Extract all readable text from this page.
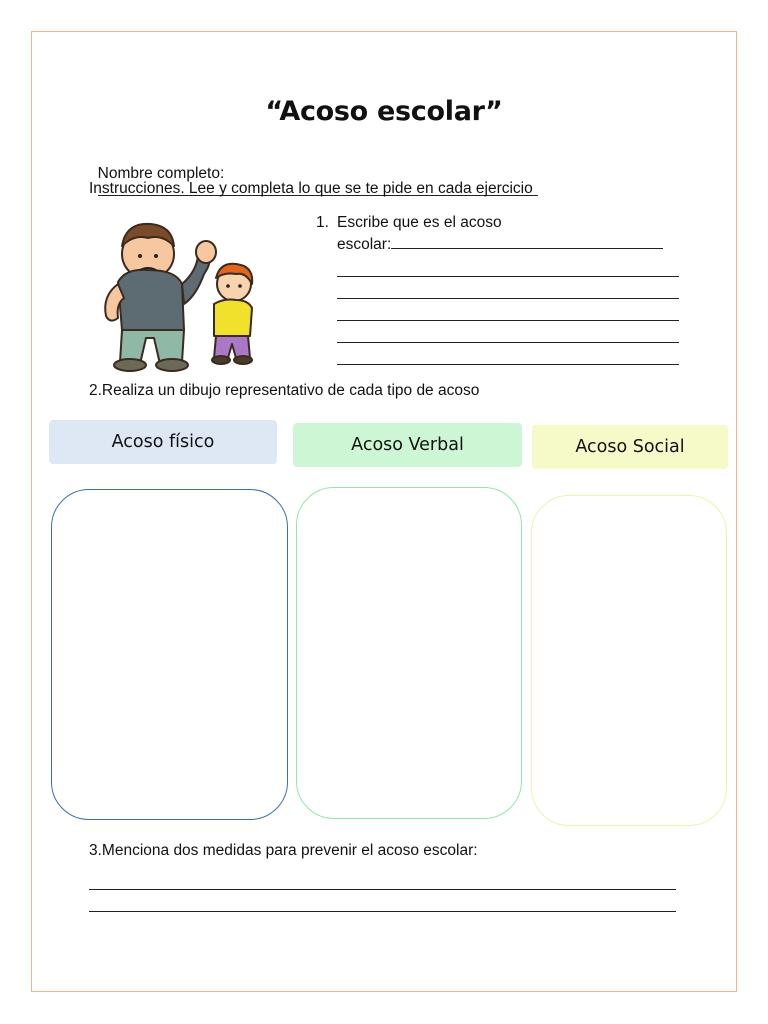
“Acoso escolar”

Nombre completo:

Instrucciones. Lee y completa lo que se te pide en cada ejercicio
1. Escribe que es el acoso
escolar:
2.Realiza un dibujo representativo de cada tipo de acoso
Acoso físico	Acoso Verbal	Acoso Social
3.Menciona dos medidas para prevenir el acoso escolar:
